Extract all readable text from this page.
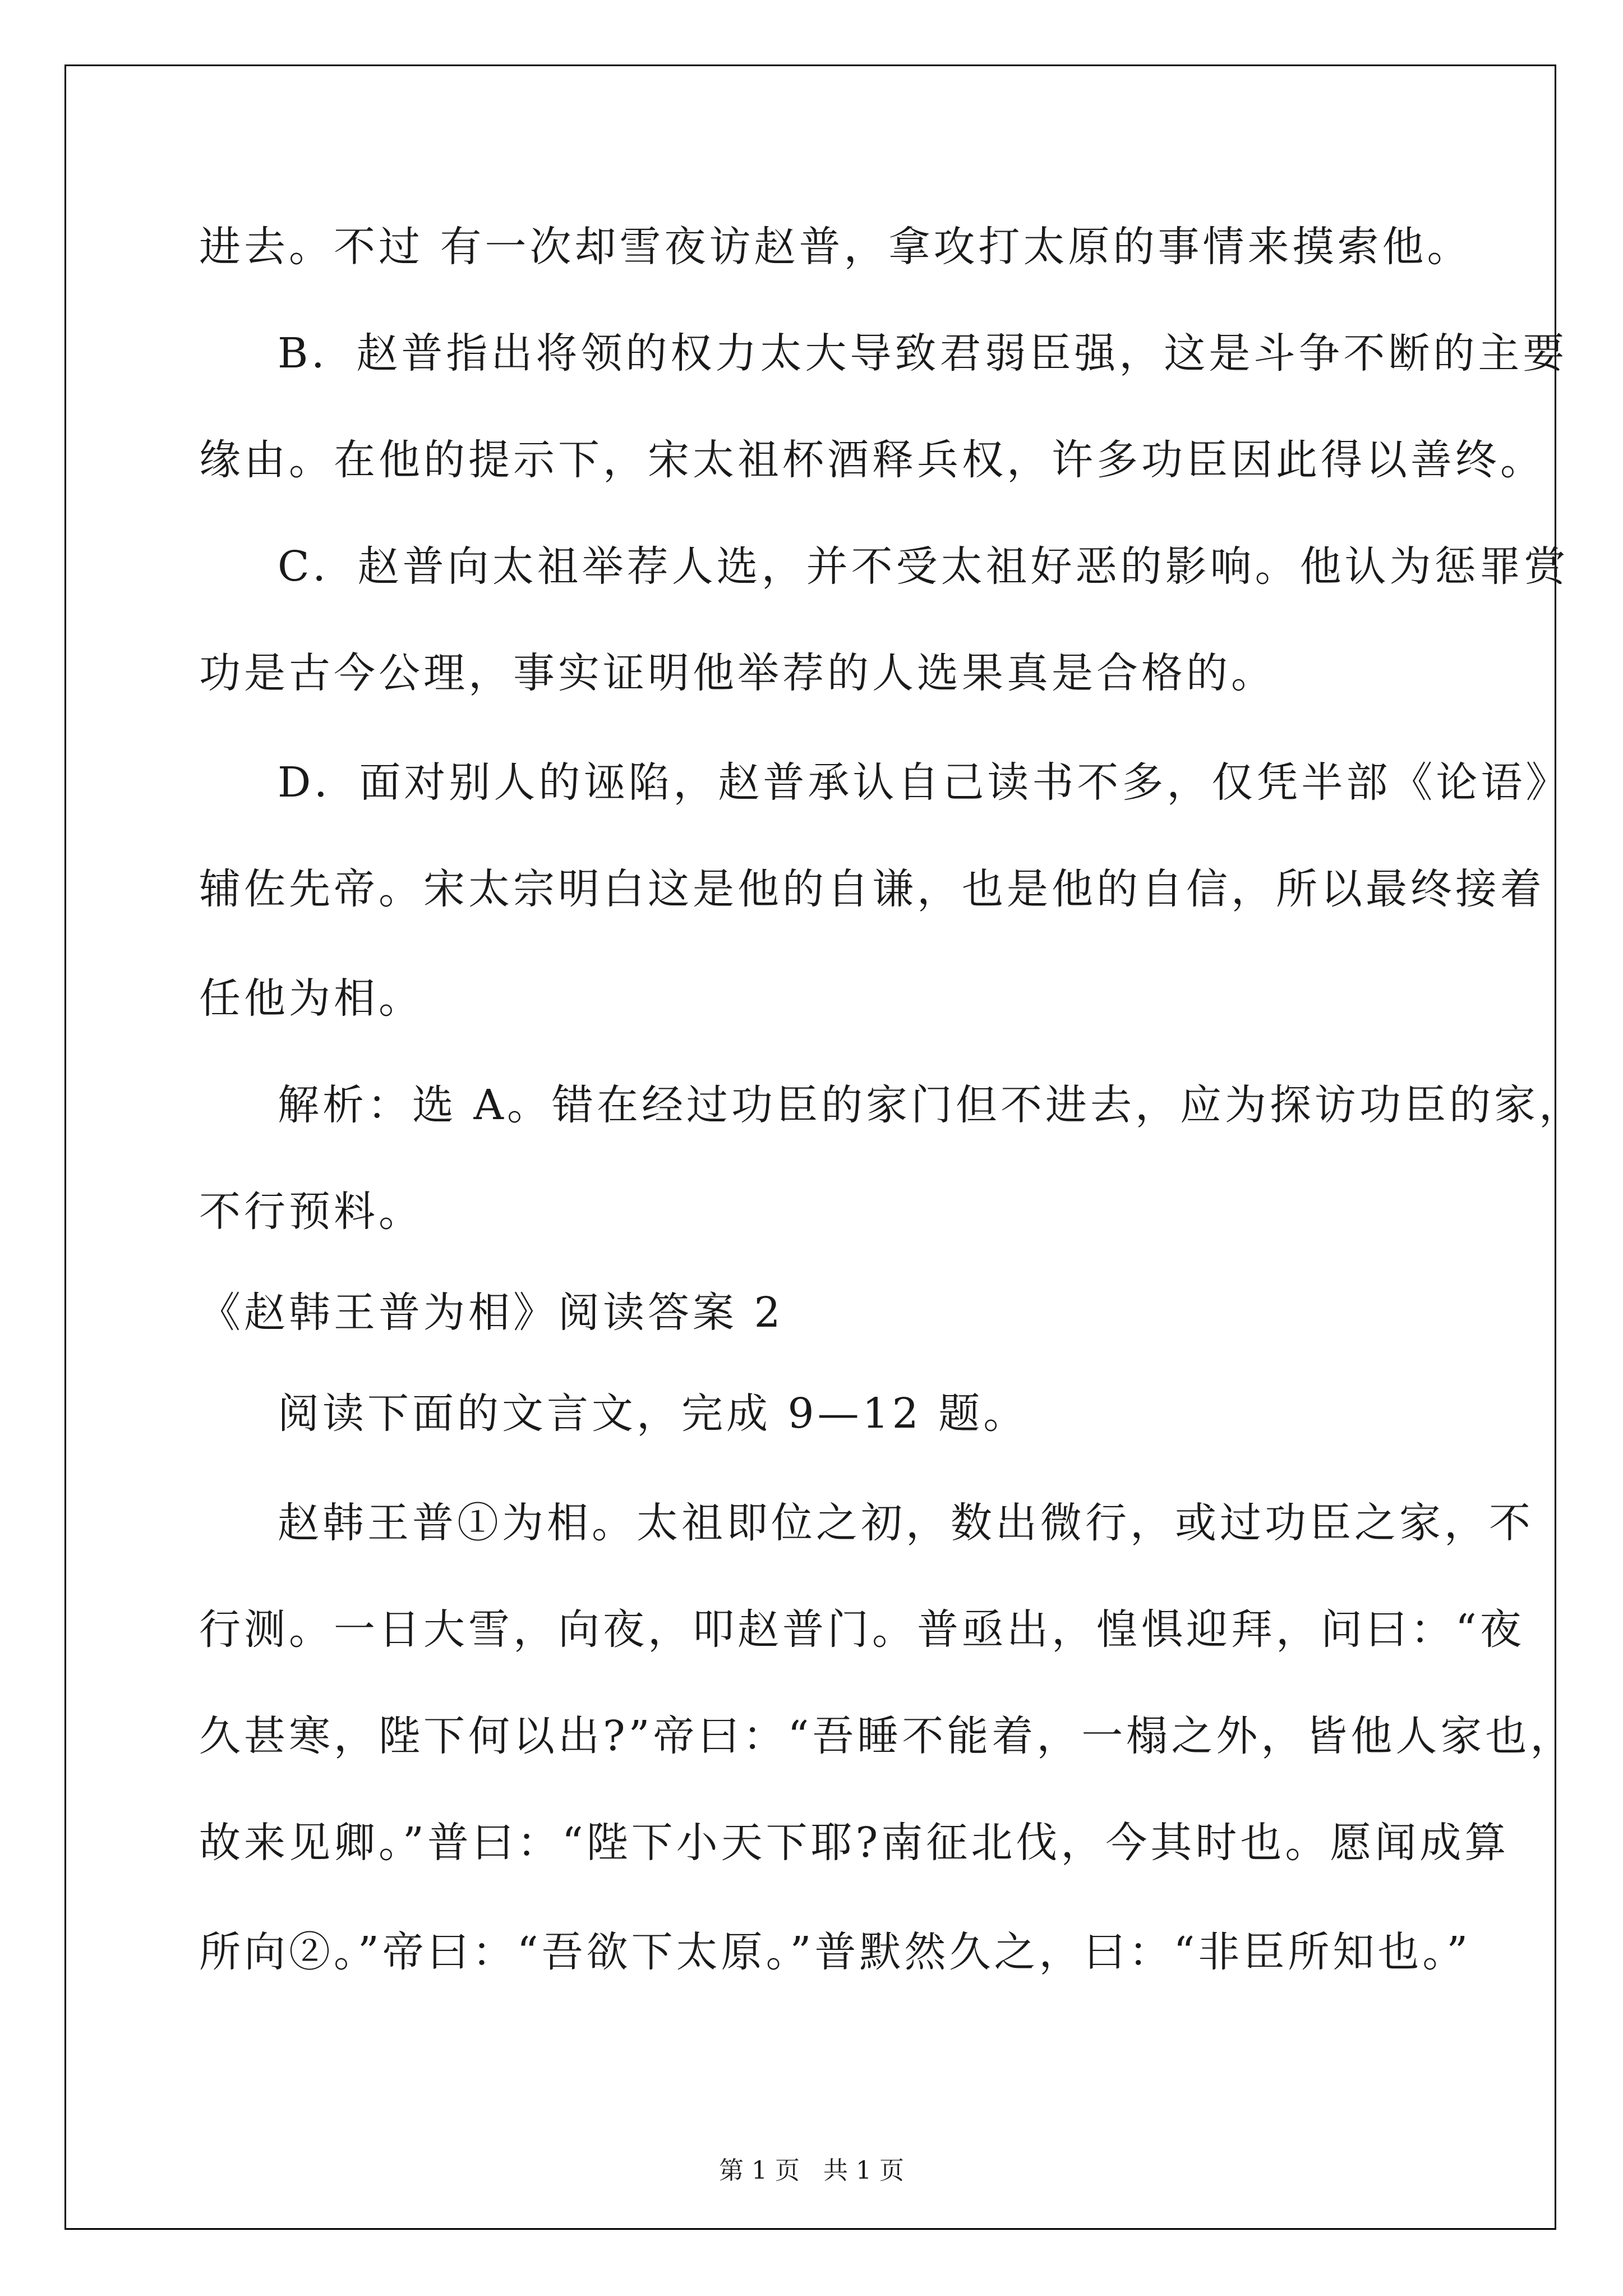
进去。不过 有一次却雪夜访赵普，拿攻打太原的事情来摸索他。
B．赵普指出将领的权力太大导致君弱臣强，这是斗争不断的主要
缘由。在他的提示下，宋太祖杯酒释兵权，许多功臣因此得以善终。
C．赵普向太祖举荐人选，并不受太祖好恶的影响。他认为惩罪赏
功是古今公理，事实证明他举荐的人选果真是合格的。
D．面对别人的诬陷，赵普承认自己读书不多，仅凭半部《论语》
辅佐先帝。宋太宗明白这是他的自谦，也是他的自信，所以最终接着
任他为相。
解析：选 A。错在经过功臣的家门但不进去，应为探访功臣的家，
不行预料。
《赵韩王普为相》阅读答案 2
阅读下面的文言文，完成 9—12 题。
赵韩王普①为相。太祖即位之初，数出微行，或过功臣之家，不
行测。一日大雪，向夜，叩赵普门。普亟出，惶惧迎拜，问曰：“夜
久甚寒，陛下何以出?”帝曰：“吾睡不能着，一榻之外，皆他人家也，
故来见卿。”普曰：“陛下小天下耶?南征北伐，今其时也。愿闻成算
所向②。”帝曰：“吾欲下太原。”普默然久之，曰：“非臣所知也。”
第 1 页   共 1 页
